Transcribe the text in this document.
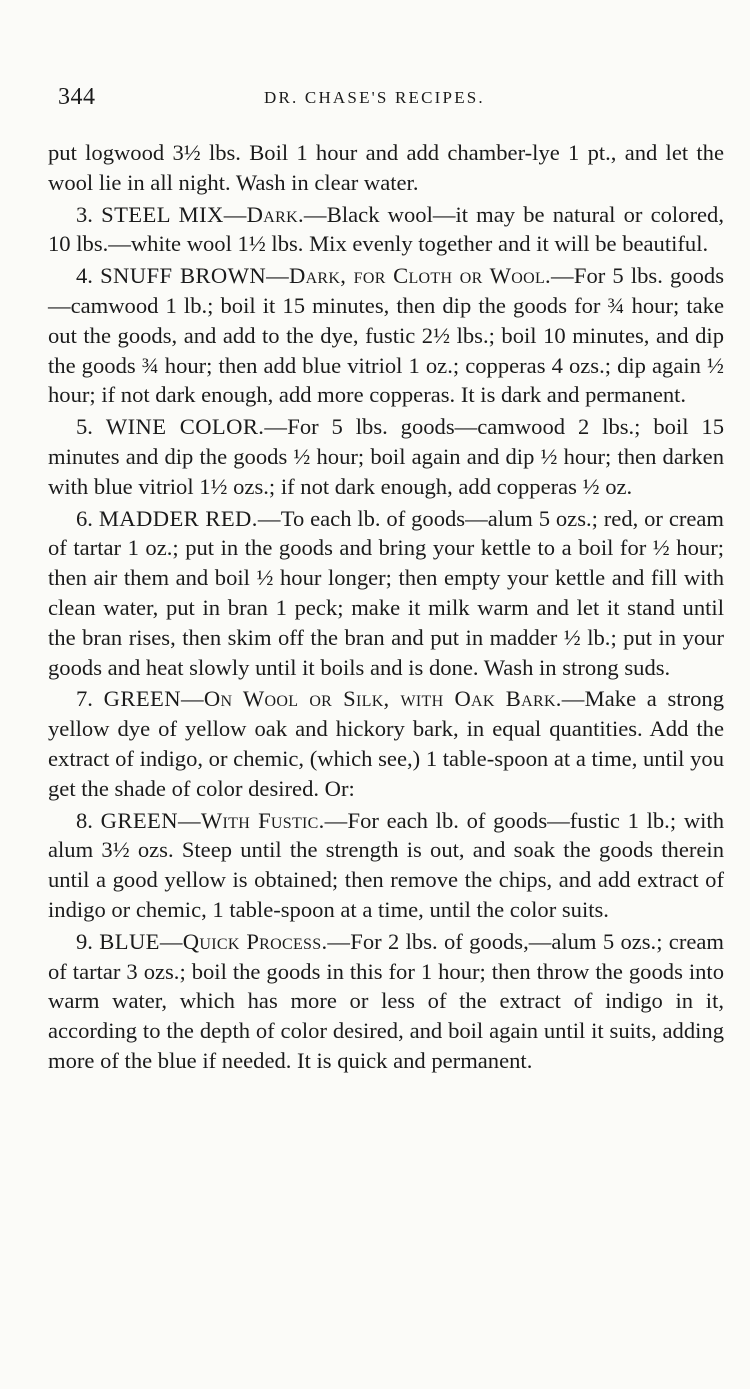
344	DR. CHASE'S RECIPES.

put logwood 3½ lbs. Boil 1 hour and add chamber-lye 1 pt., and let the wool lie in all night. Wash in clear water.

3. STEEL MIX—Dark.—Black wool—it may be natural or colored, 10 lbs.—white wool 1½ lbs. Mix evenly together and it will be beautiful.

4. SNUFF BROWN—Dark, for Cloth or Wool.—For 5 lbs. goods—camwood 1 lb.; boil it 15 minutes, then dip the goods for ¾ hour; take out the goods, and add to the dye, fustic 2½ lbs.; boil 10 minutes, and dip the goods ¾ hour; then add blue vitriol 1 oz.; copperas 4 ozs.; dip again ½ hour; if not dark enough, add more copperas. It is dark and permanent.

5. WINE COLOR.—For 5 lbs. goods—camwood 2 lbs.; boil 15 minutes and dip the goods ½ hour; boil again and dip ½ hour; then darken with blue vitriol 1½ ozs.; if not dark enough, add copperas ½ oz.

6. MADDER RED.—To each lb. of goods—alum 5 ozs.; red, or cream of tartar 1 oz.; put in the goods and bring your kettle to a boil for ½ hour; then air them and boil ½ hour longer; then empty your kettle and fill with clean water, put in bran 1 peck; make it milk warm and let it stand until the bran rises, then skim off the bran and put in madder ½ lb.; put in your goods and heat slowly until it boils and is done. Wash in strong suds.

7. GREEN—On Wool or Silk, with Oak Bark.—Make a strong yellow dye of yellow oak and hickory bark, in equal quantities. Add the extract of indigo, or chemic, (which see,) 1 table-spoon at a time, until you get the shade of color desired. Or:

8. GREEN—With Fustic.—For each lb. of goods—fustic 1 lb.; with alum 3½ ozs. Steep until the strength is out, and soak the goods therein until a good yellow is obtained; then remove the chips, and add extract of indigo or chemic, 1 table-spoon at a time, until the color suits.

9. BLUE—Quick Process.—For 2 lbs. of goods,—alum 5 ozs.; cream of tartar 3 ozs.; boil the goods in this for 1 hour; then throw the goods into warm water, which has more or less of the extract of indigo in it, according to the depth of color desired, and boil again until it suits, adding more of the blue if needed. It is quick and permanent.
